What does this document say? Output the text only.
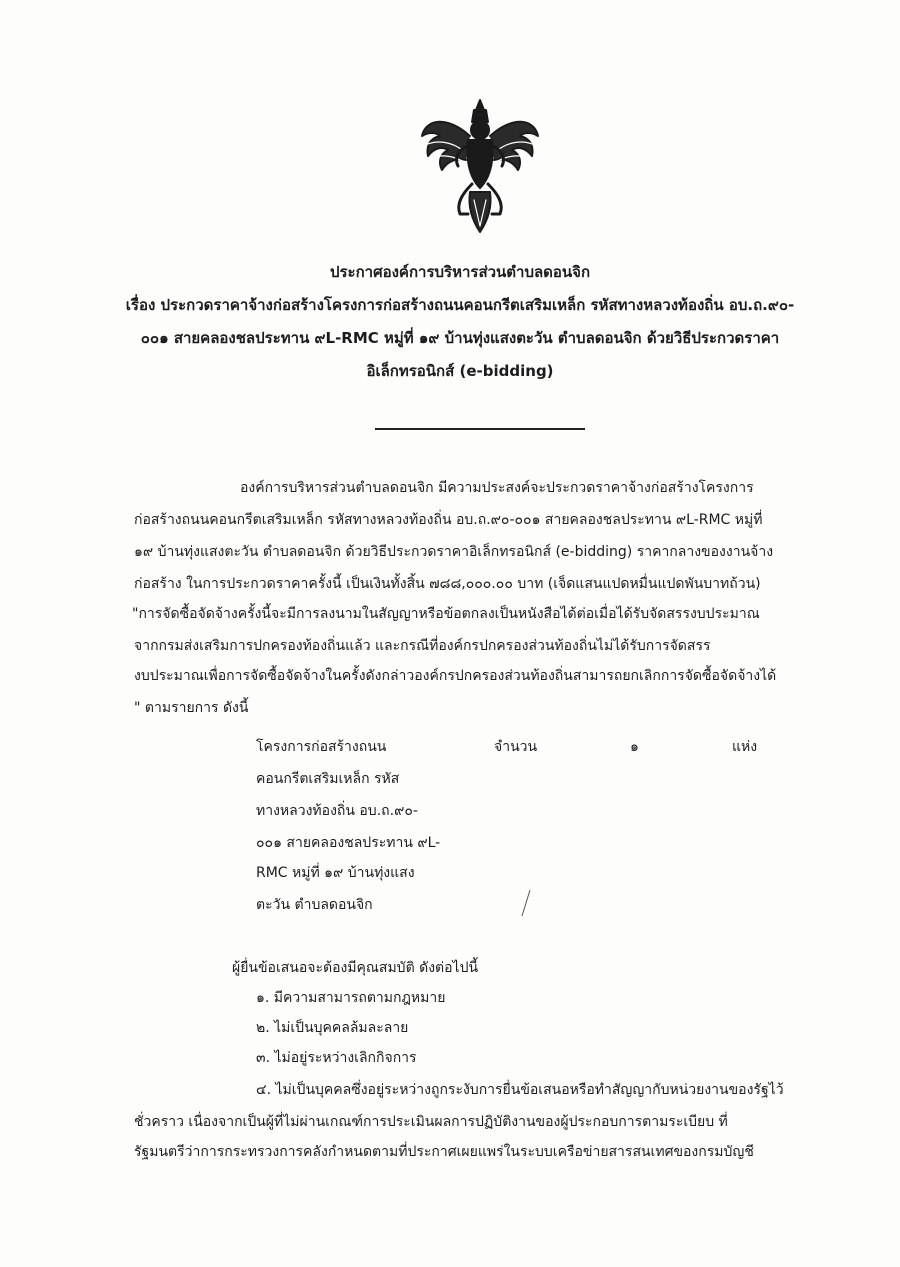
ประกาศองค์การบริหารส่วนตำบลดอนจิก
เรื่อง ประกวดราคาจ้างก่อสร้างโครงการก่อสร้างถนนคอนกรีตเสริมเหล็ก รหัสทางหลวงท้องถิ่น อบ.ถ.๙๐-
๐๐๑ สายคลองชลประทาน ๙L-RMC หมู่ที่ ๑๙ บ้านทุ่งแสงตะวัน ตำบลดอนจิก ด้วยวิธีประกวดราคา
อิเล็กทรอนิกส์ (e-bidding)
องค์การบริหารส่วนตำบลดอนจิก มีความประสงค์จะประกวดราคาจ้างก่อสร้างโครงการ
ก่อสร้างถนนคอนกรีตเสริมเหล็ก รหัสทางหลวงท้องถิ่น อบ.ถ.๙๐-๐๐๑ สายคลองชลประทาน ๙L-RMC หมู่ที่
๑๙ บ้านทุ่งแสงตะวัน ตำบลดอนจิก ด้วยวิธีประกวดราคาอิเล็กทรอนิกส์ (e-bidding) ราคากลางของงานจ้าง
ก่อสร้าง ในการประกวดราคาครั้งนี้ เป็นเงินทั้งสิ้น ๗๘๘,๐๐๐.๐๐ บาท (เจ็ดแสนแปดหมื่นแปดพันบาทถ้วน)
"การจัดซื้อจัดจ้างครั้งนี้จะมีการลงนามในสัญญาหรือข้อตกลงเป็นหนังสือได้ต่อเมื่อได้รับจัดสรรงบประมาณ
จากกรมส่งเสริมการปกครองท้องถิ่นแล้ว และกรณีที่องค์กรปกครองส่วนท้องถิ่นไม่ได้รับการจัดสรร
งบประมาณเพื่อการจัดซื้อจัดจ้างในครั้งดังกล่าวองค์กรปกครองส่วนท้องถิ่นสามารถยกเลิกการจัดซื้อจัดจ้างได้
" ตามรายการ ดังนี้
โครงการก่อสร้างถนน	จำนวน	๑	แห่ง
คอนกรีตเสริมเหล็ก รหัส
ทางหลวงท้องถิ่น อบ.ถ.๙๐-
๐๐๑ สายคลองชลประทาน ๙L-
RMC หมู่ที่ ๑๙ บ้านทุ่งแสง
ตะวัน ตำบลดอนจิก
ผู้ยื่นข้อเสนอจะต้องมีคุณสมบัติ ดังต่อไปนี้
๑. มีความสามารถตามกฎหมาย
๒. ไม่เป็นบุคคลล้มละลาย
๓. ไม่อยู่ระหว่างเลิกกิจการ
๔. ไม่เป็นบุคคลซึ่งอยู่ระหว่างถูกระงับการยื่นข้อเสนอหรือทำสัญญากับหน่วยงานของรัฐไว้
ชั่วคราว เนื่องจากเป็นผู้ที่ไม่ผ่านเกณฑ์การประเมินผลการปฏิบัติงานของผู้ประกอบการตามระเบียบ ที่
รัฐมนตรีว่าการกระทรวงการคลังกำหนดตามที่ประกาศเผยแพร่ในระบบเครือข่ายสารสนเทศของกรมบัญชี
